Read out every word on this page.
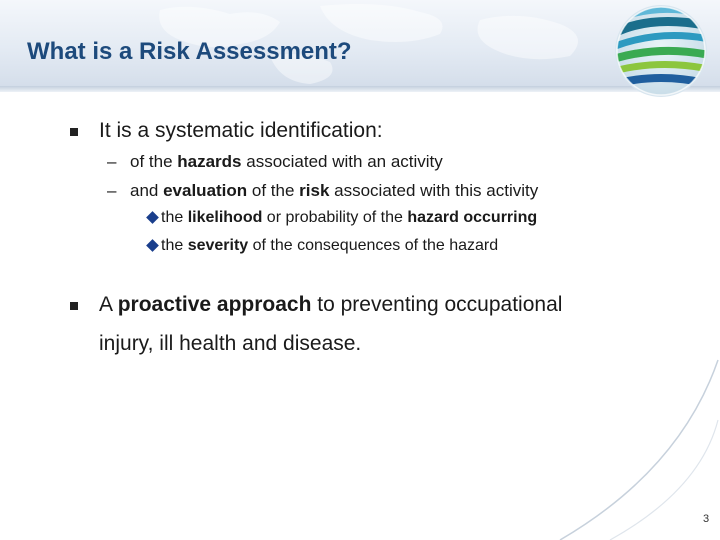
What is a Risk Assessment?
It is a systematic identification:
– of the hazards associated with an activity
– and evaluation of the risk associated with this activity
the likelihood or probability of the hazard occurring
the severity of the consequences of the hazard
A proactive approach to preventing occupational
injury, ill health and disease.
3
